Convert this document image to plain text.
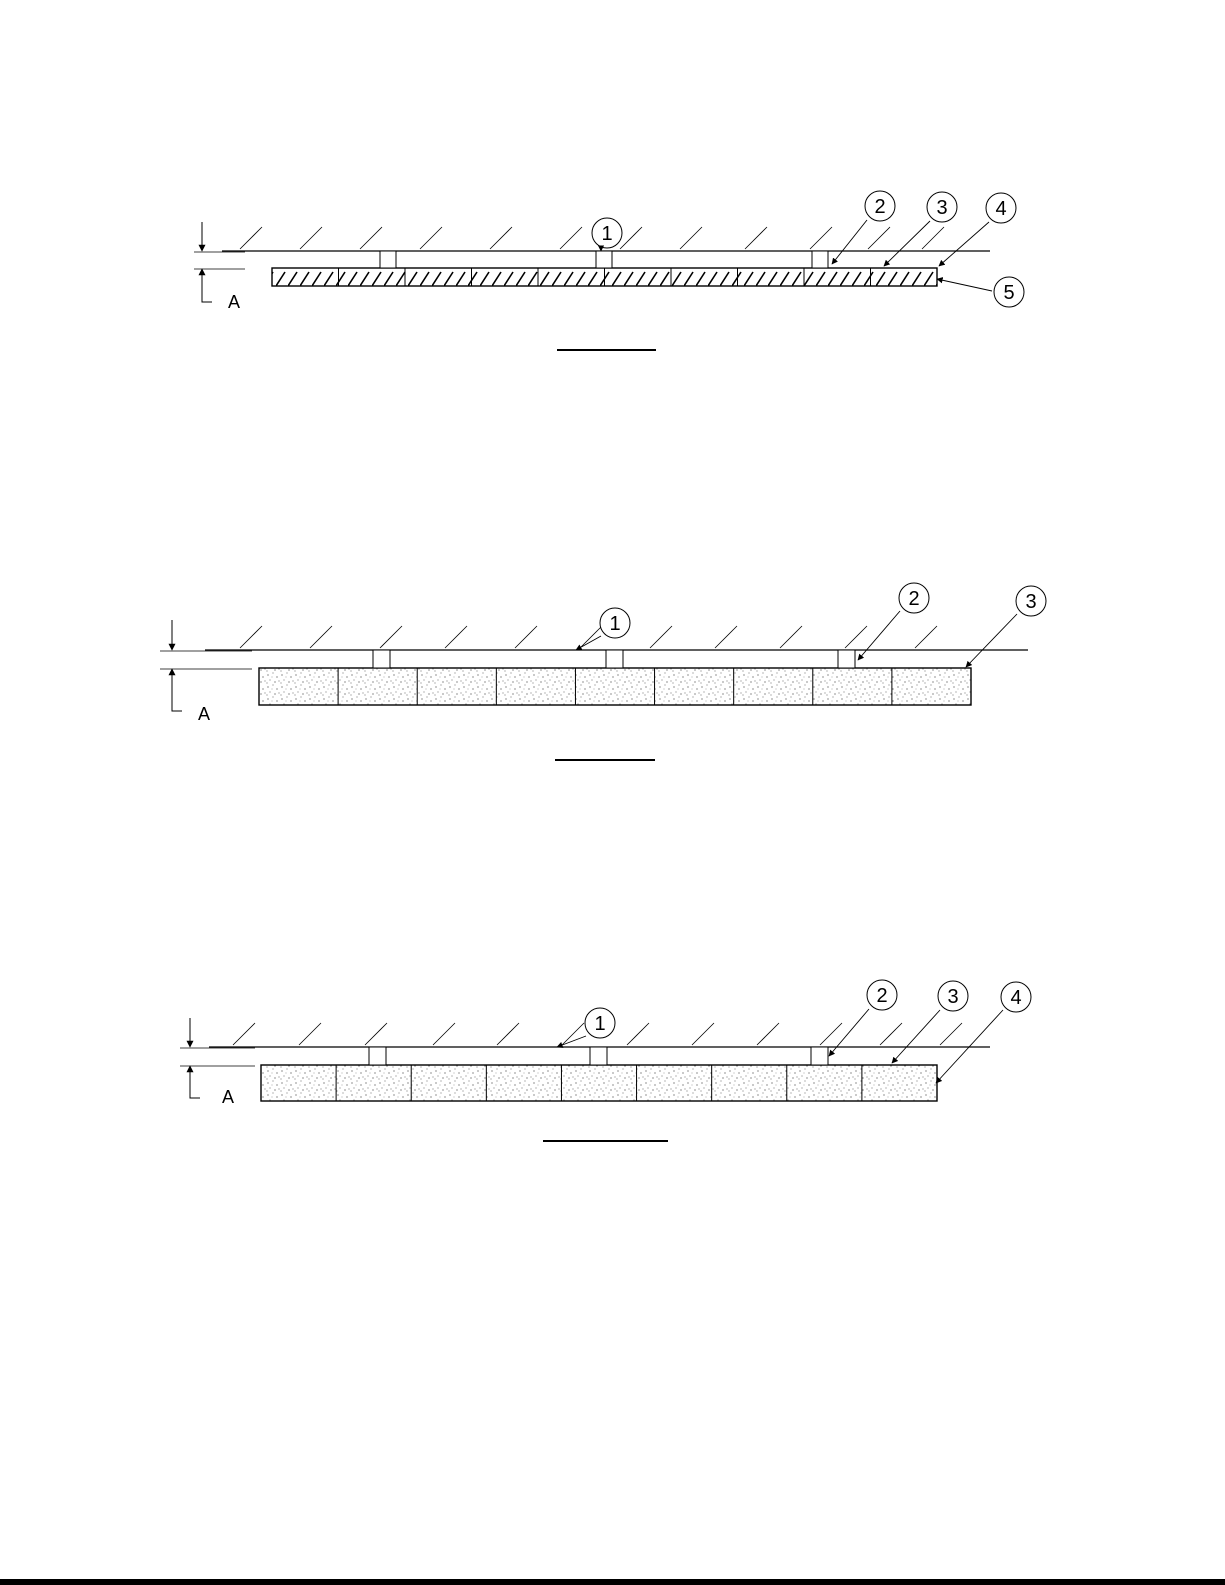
A
1
2	3 4
5
A
1
2	3
A
1
2	3	4
